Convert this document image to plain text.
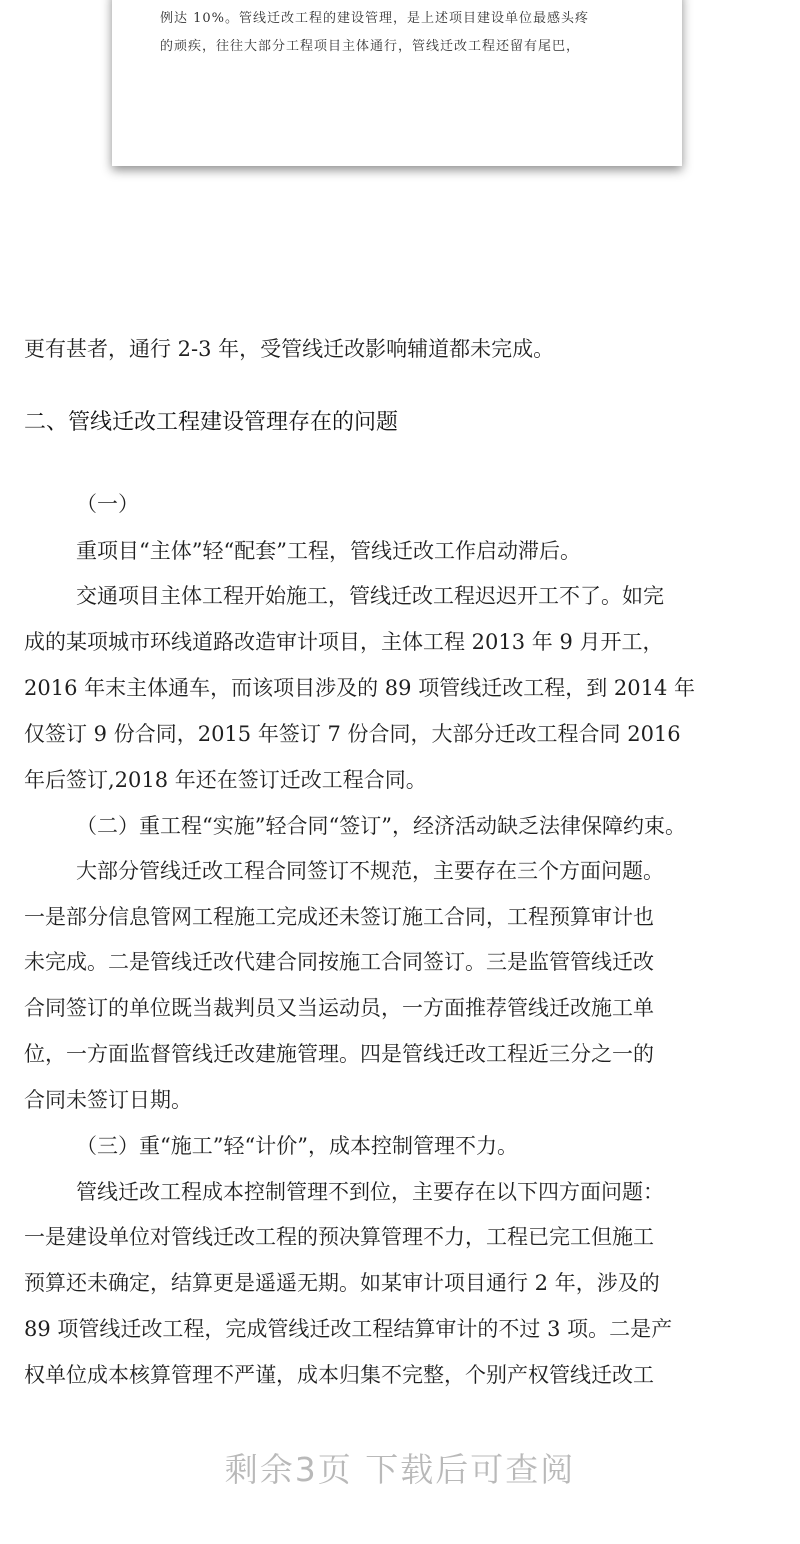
例达 10%。管线迁改工程的建设管理，是上述项目建设单位最感头疼
的顽疾，往往大部分工程项目主体通行，管线迁改工程还留有尾巴，
更有甚者，通行 2-3 年，受管线迁改影响辅道都未完成。
二、管线迁改工程建设管理存在的问题
（一）
重项目“主体”轻“配套”工程，管线迁改工作启动滞后。
交通项目主体工程开始施工，管线迁改工程迟迟开工不了。如完
成的某项城市环线道路改造审计项目，主体工程 2013 年 9 月开工，
2016 年末主体通车，而该项目涉及的 89 项管线迁改工程，到 2014 年
仅签订 9 份合同，2015 年签订 7 份合同，大部分迁改工程合同 2016
年后签订,2018 年还在签订迁改工程合同。
（二）重工程“实施”轻合同“签订”，经济活动缺乏法律保障约束。
大部分管线迁改工程合同签订不规范，主要存在三个方面问题。
一是部分信息管网工程施工完成还未签订施工合同，工程预算审计也
未完成。二是管线迁改代建合同按施工合同签订。三是监管管线迁改
合同签订的单位既当裁判员又当运动员，一方面推荐管线迁改施工单
位，一方面监督管线迁改建施管理。四是管线迁改工程近三分之一的
合同未签订日期。
（三）重“施工”轻“计价”，成本控制管理不力。
管线迁改工程成本控制管理不到位，主要存在以下四方面问题：
一是建设单位对管线迁改工程的预决算管理不力，工程已完工但施工
预算还未确定，结算更是遥遥无期。如某审计项目通行 2 年，涉及的
89 项管线迁改工程，完成管线迁改工程结算审计的不过 3 项。二是产
权单位成本核算管理不严谨，成本归集不完整，个别产权管线迁改工
剩余3页 下载后可查阅
